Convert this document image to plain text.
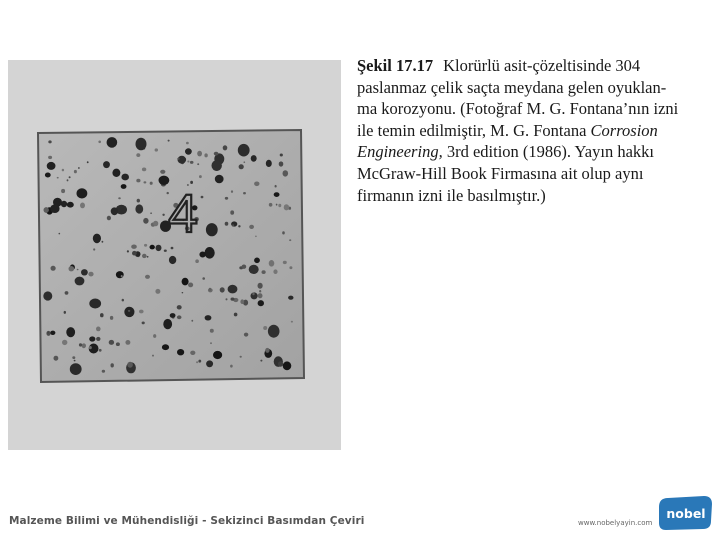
4
Şekil 17.17 Klorürlü asit-çözeltisinde 304
paslanmaz çelik saçta meydana gelen oyuklan-
ma korozyonu. (Fotoğraf M. G. Fontana’nın izni
ile temin edilmiştir, M. G. Fontana Corrosion
Engineering, 3rd edition (1986). Yayın hakkı
McGraw-Hill Book Firmasına ait olup aynı
firmanın izni ile basılmıştır.)
Malzeme Bilimi ve Mühendisliği - Sekizinci Basımdan Çeviri	www.nobelyayin.com
nobel
